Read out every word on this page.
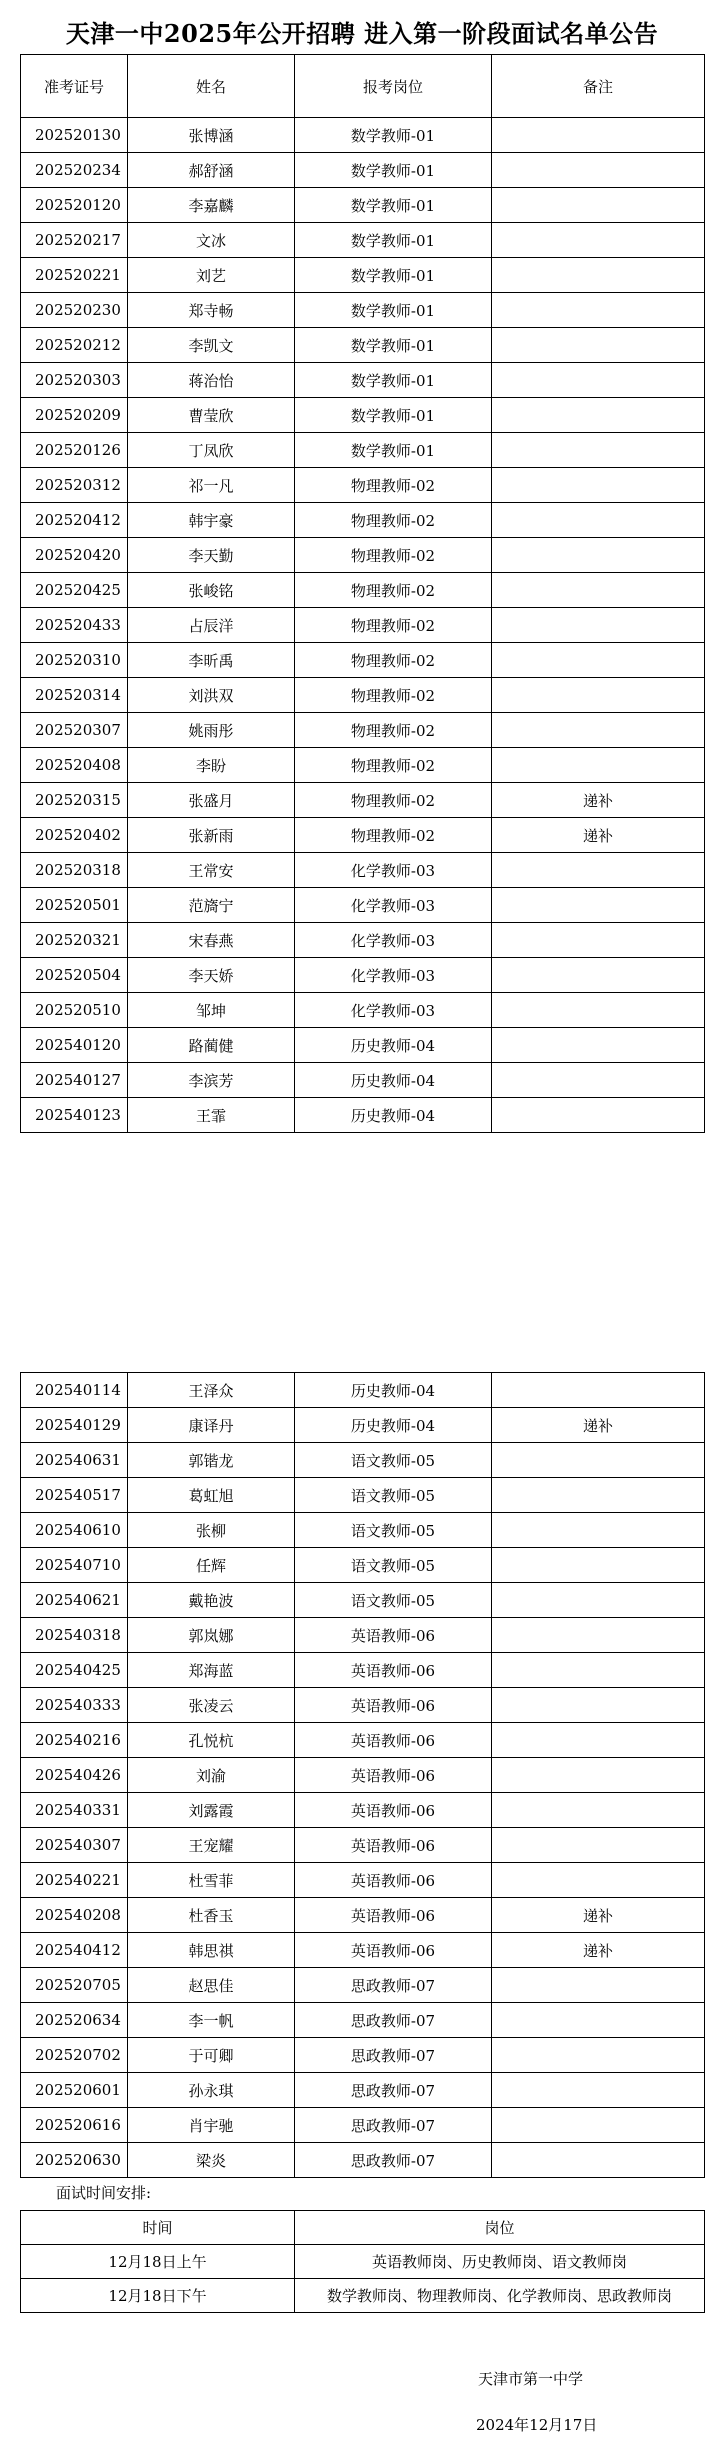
天津一中2025年公开招聘 进入第一阶段面试名单公告
准考证号	姓名	报考岗位	备注
202520130	张博涵	数学教师-01	
202520234	郝舒涵	数学教师-01	
202520120	李嘉麟	数学教师-01	
202520217	文冰	数学教师-01	
202520221	刘艺	数学教师-01	
202520230	郑寺畅	数学教师-01	
202520212	李凯文	数学教师-01	
202520303	蒋治怡	数学教师-01	
202520209	曹莹欣	数学教师-01	
202520126	丁凤欣	数学教师-01	
202520312	祁一凡	物理教师-02	
202520412	韩宇豪	物理教师-02	
202520420	李天勤	物理教师-02	
202520425	张峻铭	物理教师-02	
202520433	占辰洋	物理教师-02	
202520310	李昕禹	物理教师-02	
202520314	刘洪双	物理教师-02	
202520307	姚雨彤	物理教师-02	
202520408	李盼	物理教师-02	
202520315	张盛月	物理教师-02	递补
202520402	张新雨	物理教师-02	递补
202520318	王常安	化学教师-03	
202520501	范旖宁	化学教师-03	
202520321	宋春燕	化学教师-03	
202520504	李天娇	化学教师-03	
202520510	邹坤	化学教师-03	
202540120	路蔺健	历史教师-04	
202540127	李滨芳	历史教师-04	
202540123	王霏	历史教师-04	
202540114	王泽众	历史教师-04	
202540129	康译丹	历史教师-04	递补
202540631	郭锴龙	语文教师-05	
202540517	葛虹旭	语文教师-05	
202540610	张柳	语文教师-05	
202540710	任辉	语文教师-05	
202540621	戴艳波	语文教师-05	
202540318	郭岚娜	英语教师-06	
202540425	郑海蓝	英语教师-06	
202540333	张凌云	英语教师-06	
202540216	孔悦杭	英语教师-06	
202540426	刘渝	英语教师-06	
202540331	刘露霞	英语教师-06	
202540307	王宠耀	英语教师-06	
202540221	杜雪菲	英语教师-06	
202540208	杜香玉	英语教师-06	递补
202540412	韩思祺	英语教师-06	递补
202520705	赵思佳	思政教师-07	
202520634	李一帆	思政教师-07	
202520702	于可卿	思政教师-07	
202520601	孙永琪	思政教师-07	
202520616	肖宇驰	思政教师-07	
202520630	梁炎	思政教师-07	
面试时间安排:
时间	岗位
12月18日上午	英语教师岗、历史教师岗、语文教师岗
12月18日下午	数学教师岗、物理教师岗、化学教师岗、思政教师岗
天津市第一中学
2024年12月17日
